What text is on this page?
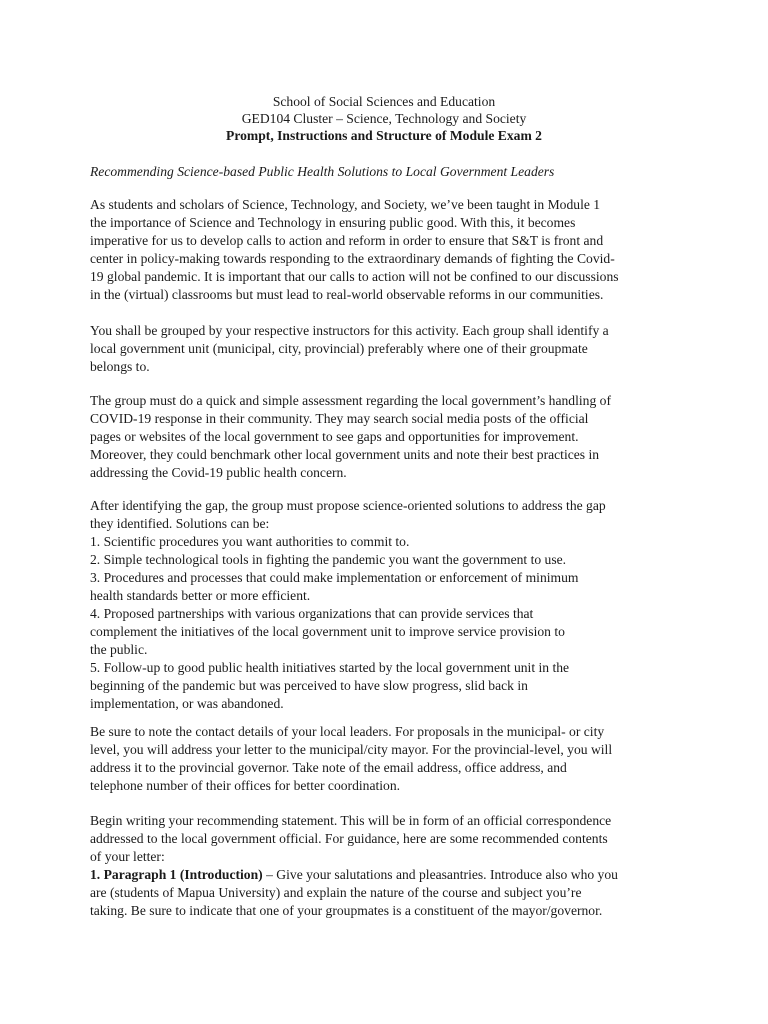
School of Social Sciences and Education
GED104 Cluster – Science, Technology and Society
Prompt, Instructions and Structure of Module Exam 2
Recommending Science-based Public Health Solutions to Local Government Leaders
As students and scholars of Science, Technology, and Society, we’ve been taught in Module 1
the importance of Science and Technology in ensuring public good. With this, it becomes
imperative for us to develop calls to action and reform in order to ensure that S&T is front and
center in policy-making towards responding to the extraordinary demands of fighting the Covid-
19 global pandemic. It is important that our calls to action will not be confined to our discussions
in the (virtual) classrooms but must lead to real-world observable reforms in our communities.
You shall be grouped by your respective instructors for this activity. Each group shall identify a
local government unit (municipal, city, provincial) preferably where one of their groupmate
belongs to.
The group must do a quick and simple assessment regarding the local government’s handling of
COVID-19 response in their community. They may search social media posts of the official
pages or websites of the local government to see gaps and opportunities for improvement.
Moreover, they could benchmark other local government units and note their best practices in
addressing the Covid-19 public health concern.
After identifying the gap, the group must propose science-oriented solutions to address the gap
they identified. Solutions can be:
1. Scientific procedures you want authorities to commit to.
2. Simple technological tools in fighting the pandemic you want the government to use.
3. Procedures and processes that could make implementation or enforcement of minimum
health standards better or more efficient.
4. Proposed partnerships with various organizations that can provide services that
complement the initiatives of the local government unit to improve service provision to
the public.
5. Follow-up to good public health initiatives started by the local government unit in the
beginning of the pandemic but was perceived to have slow progress, slid back in
implementation, or was abandoned.
Be sure to note the contact details of your local leaders. For proposals in the municipal- or city
level, you will address your letter to the municipal/city mayor. For the provincial-level, you will
address it to the provincial governor. Take note of the email address, office address, and
telephone number of their offices for better coordination.
Begin writing your recommending statement. This will be in form of an official correspondence
addressed to the local government official. For guidance, here are some recommended contents
of your letter:
1. Paragraph 1 (Introduction) – Give your salutations and pleasantries. Introduce also who you
are (students of Mapua University) and explain the nature of the course and subject you’re
taking. Be sure to indicate that one of your groupmates is a constituent of the mayor/governor.
